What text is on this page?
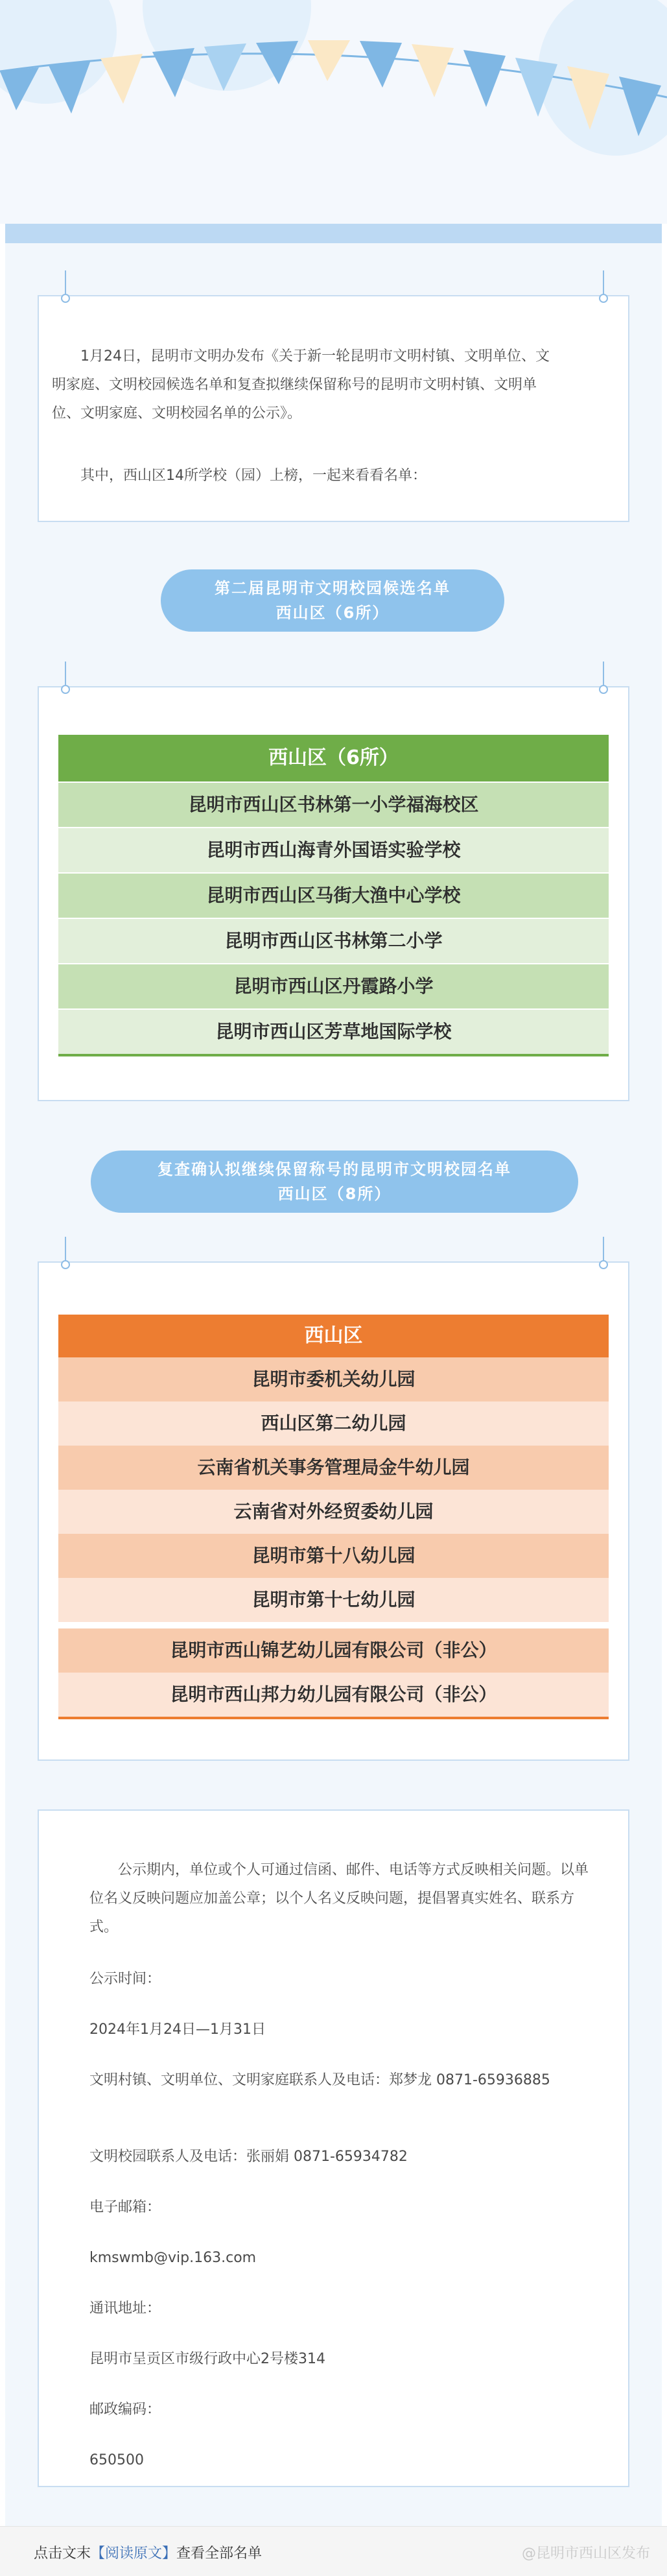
1月24日，昆明市文明办发布《关于新一轮昆明市文明村镇、文明单位、文明家庭、文明校园候选名单和复查拟继续保留称号的昆明市文明村镇、文明单位、文明家庭、文明校园名单的公示》。

其中，西山区14所学校（园）上榜，一起来看看名单：

第二届昆明市文明校园候选名单
西山区（6所）
西山区（6所）
昆明市西山区书林第一小学福海校区
昆明市西山海青外国语实验学校
昆明市西山区马街大渔中心学校
昆明市西山区书林第二小学
昆明市西山区丹霞路小学
昆明市西山区芳草地国际学校
复查确认拟继续保留称号的昆明市文明校园名单
西山区（8所）
西山区
昆明市委机关幼儿园
西山区第二幼儿园
云南省机关事务管理局金牛幼儿园
云南省对外经贸委幼儿园
昆明市第十八幼儿园
昆明市第十七幼儿园
昆明市西山锦艺幼儿园有限公司（非公）
昆明市西山邦力幼儿园有限公司（非公）

公示期内，单位或个人可通过信函、邮件、电话等方式反映相关问题。以单位名义反映问题应加盖公章；以个人名义反映问题，提倡署真实姓名、联系方式。

公示时间：

2024年1月24日—1月31日

文明村镇、文明单位、文明家庭联系人及电话：郑梦龙 0871-65936885

文明校园联系人及电话：张丽娟 0871-65934782

电子邮箱：

kmswmb@vip.163.com

通讯地址：

昆明市呈贡区市级行政中心2号楼314

邮政编码：

650500

点击文末【阅读原文】查看全部名单	@昆明市西山区发布
